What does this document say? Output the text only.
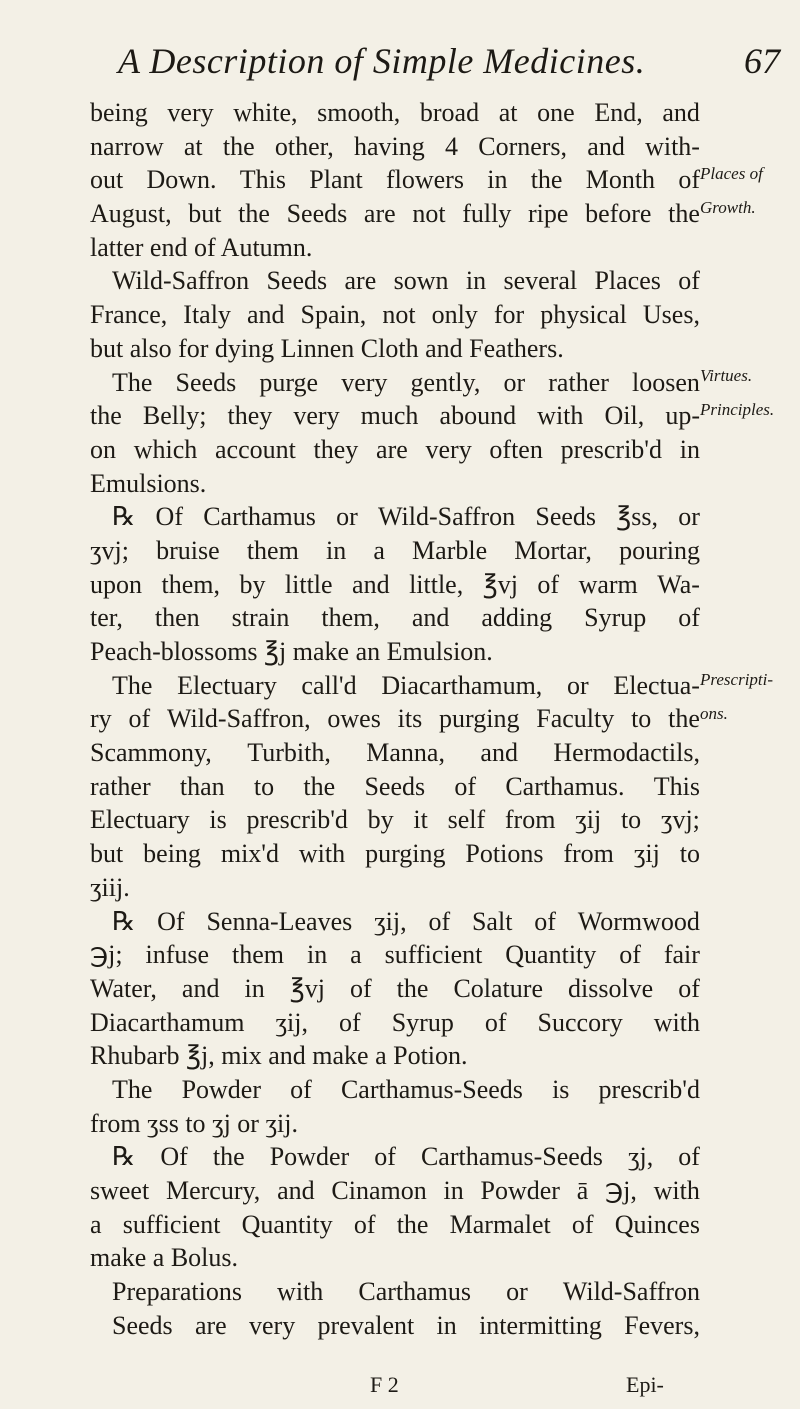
A Description of Simple Medicines.	67
being very white, smooth, broad at one End, and
narrow at the other, having 4 Corners, and with-
out Down. This Plant flowers in the Month of
August, but the Seeds are not fully ripe before the
latter end of Autumn.
Wild-Saffron Seeds are sown in several Places of
France, Italy and Spain, not only for physical Uses,
but also for dying Linnen Cloth and Feathers.
The Seeds purge very gently, or rather loosen
the Belly; they very much abound with Oil, up-
on which account they are very often prescrib'd in
Emulsions.
℞ Of Carthamus or Wild-Saffron Seeds ℥ss, or
ʒvj; bruise them in a Marble Mortar, pouring
upon them, by little and little, ℥vj of warm Wa-
ter, then strain them, and adding Syrup of
Peach-blossoms ℥j make an Emulsion.
The Electuary call'd Diacarthamum, or Electua-
ry of Wild-Saffron, owes its purging Faculty to the
Scammony, Turbith, Manna, and Hermodactils,
rather than to the Seeds of Carthamus. This
Electuary is prescrib'd by it self from ʒij to ʒvj;
but being mix'd with purging Potions from ʒij to
ʒiij.
℞ Of Senna-Leaves ʒij, of Salt of Wormwood
℈j; infuse them in a sufficient Quantity of fair
Water, and in ℥vj of the Colature dissolve of
Diacarthamum ʒij, of Syrup of Succory with
Rhubarb ℥j, mix and make a Potion.
The Powder of Carthamus-Seeds is prescrib'd
from ʒss to ʒj or ʒij.
℞ Of the Powder of Carthamus-Seeds ʒj, of
sweet Mercury, and Cinamon in Powder ā ℈j, with
a sufficient Quantity of the Marmalet of Quinces
make a Bolus.
Preparations with Carthamus or Wild-Saffron
Seeds are very prevalent in intermitting Fevers,
Places of
Growth.
Virtues.
Principles.
Prescripti-
ons.
F 2	Epi-
